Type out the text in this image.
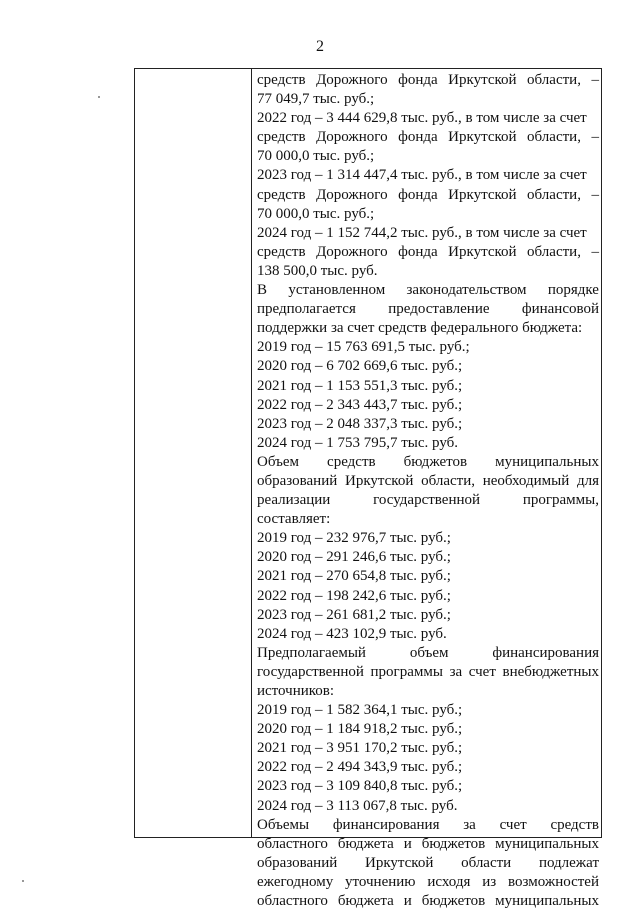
2
средств Дорожного фонда Иркутской области, –
77 049,7 тыс. руб.;
2022 год – 3 444 629,8 тыс. руб., в том числе за счет
средств Дорожного фонда Иркутской области, –
70 000,0 тыс. руб.;
2023 год – 1 314 447,4 тыс. руб., в том числе за счет
средств Дорожного фонда Иркутской области, –
70 000,0 тыс. руб.;
2024 год – 1 152 744,2 тыс. руб., в том числе за счет
средств Дорожного фонда Иркутской области, –
138 500,0 тыс. руб.
В установленном законодательством порядке
предполагается предоставление финансовой
поддержки за счет средств федерального бюджета:
2019 год – 15 763 691,5 тыс. руб.;
2020 год – 6 702 669,6 тыс. руб.;
2021 год – 1 153 551,3 тыс. руб.;
2022 год – 2 343 443,7 тыс. руб.;
2023 год – 2 048 337,3 тыс. руб.;
2024 год – 1 753 795,7 тыс. руб.
Объем средств бюджетов муниципальных
образований Иркутской области, необходимый для
реализации	государственной	программы,
составляет:
2019 год – 232 976,7 тыс. руб.;
2020 год – 291 246,6 тыс. руб.;
2021 год – 270 654,8 тыс. руб.;
2022 год – 198 242,6 тыс. руб.;
2023 год – 261 681,2 тыс. руб.;
2024 год – 423 102,9 тыс. руб.
Предполагаемый	объем	финансирования
государственной программы за счет внебюджетных
источников:
2019 год – 1 582 364,1 тыс. руб.;
2020 год – 1 184 918,2 тыс. руб.;
2021 год – 3 951 170,2 тыс. руб.;
2022 год – 2 494 343,9 тыс. руб.;
2023 год – 3 109 840,8 тыс. руб.;
2024 год – 3 113 067,8 тыс. руб.
Объемы финансирования за счет средств
областного бюджета и бюджетов муниципальных
образований Иркутской области подлежат
ежегодному уточнению исходя из возможностей
областного бюджета и бюджетов муниципальных
